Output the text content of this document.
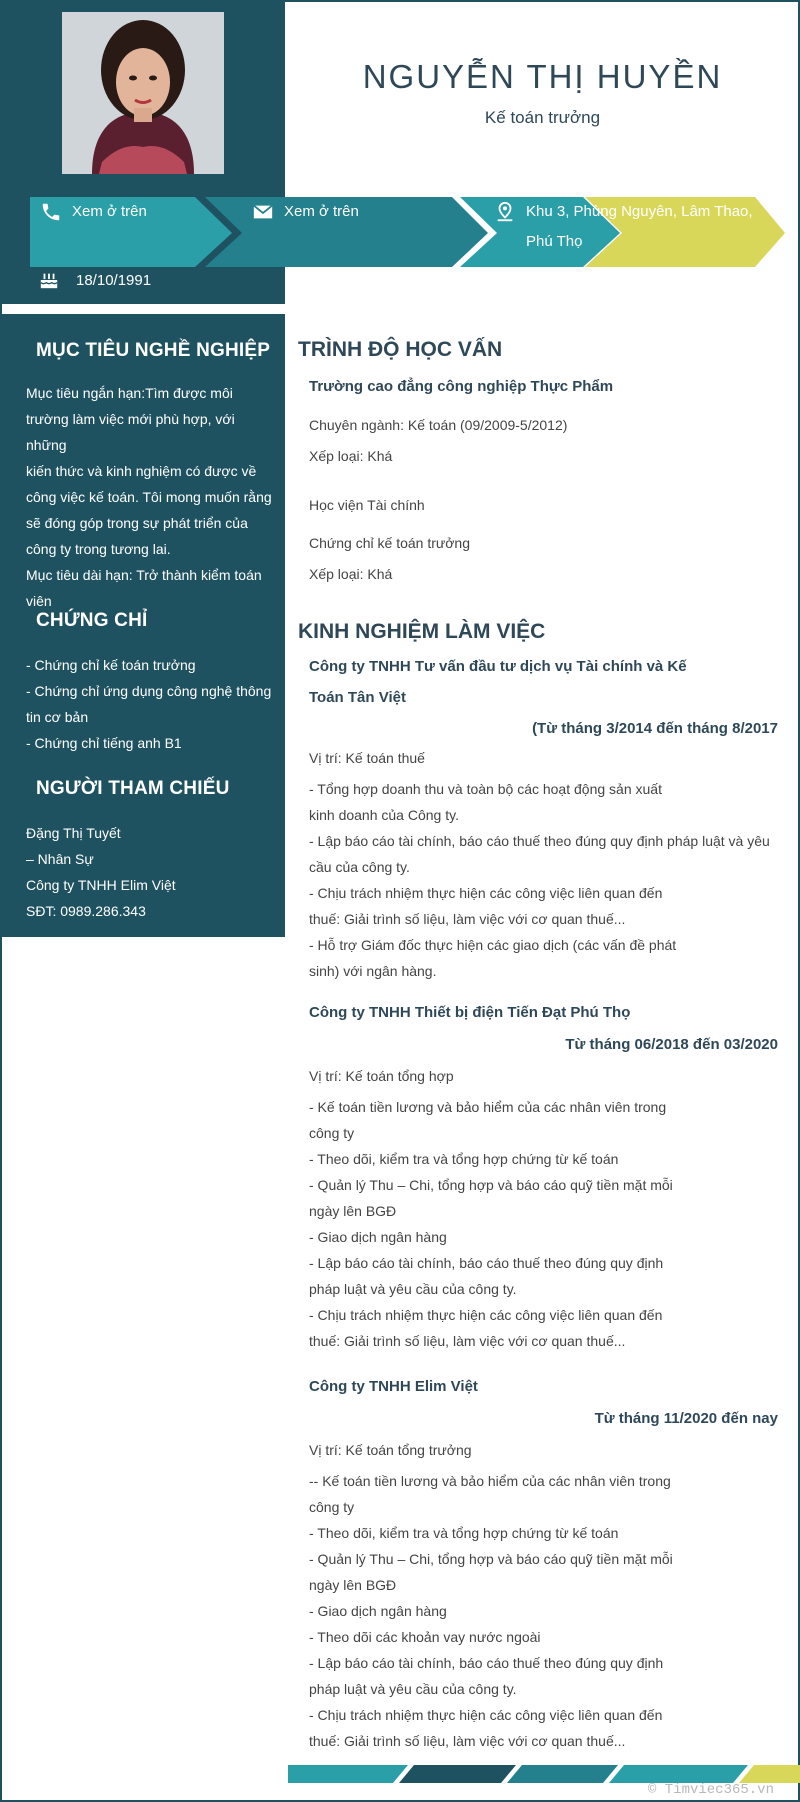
NGUYỄN THỊ HUYỀN
Kế toán trưởng
Xem ở trên	Xem ở trên	Khu 3, Phùng Nguyên, Lâm Thao,
Phú Thọ
18/10/1991
MỤC TIÊU NGHỀ NGHIỆP

Mục tiêu ngắn hạn:Tìm được môi

trường làm việc mới phù hợp, với những

kiến thức và kinh nghiệm có được về

công việc kế toán. Tôi mong muốn rằng

sẽ đóng góp trong sự phát triển của

công ty trong tương lai.

Mục tiêu dài hạn: Trở thành kiểm toán

viên

CHỨNG CHỈ
- Chứng chỉ kế toán trưởng
- Chứng chỉ ứng dụng công nghệ thông
tin cơ bản
- Chứng chỉ tiếng anh B1
NGƯỜI THAM CHIẾU

Đặng Thị Tuyết

– Nhân Sự

Công ty TNHH Elim Việt

SĐT: 0989.286.343

TRÌNH ĐỘ HỌC VẤN
Trường cao đẳng công nghiệp Thực Phẩm
Chuyên ngành: Kế toán (09/2009-5/2012)
Xếp loại: Khá
Học viện Tài chính
Chứng chỉ kế toán trưởng
Xếp loại: Khá
KINH NGHIỆM LÀM VIỆC
Công ty TNHH Tư vấn đầu tư dịch vụ Tài chính và Kế
Toán Tân Việt
(Từ tháng 3/2014 đến tháng 8/2017
Vị trí: Kế toán thuế
- Tổng hợp doanh thu và toàn bộ các hoạt động sản xuất
kinh doanh của Công ty.
- Lập báo cáo tài chính, báo cáo thuế theo đúng quy định pháp luật và yêu
cầu của công ty.
- Chịu trách nhiệm thực hiện các công việc liên quan đến
thuế: Giải trình số liệu, làm việc với cơ quan thuế...
- Hỗ trợ Giám đốc thực hiện các giao dịch (các vấn đề phát
sinh) với ngân hàng.
Công ty TNHH Thiết bị điện Tiến Đạt Phú Thọ
Từ tháng 06/2018 đến 03/2020
Vị trí: Kế toán tổng hợp
- Kế toán tiền lương và bảo hiểm của các nhân viên trong
công ty
- Theo dõi, kiểm tra và tổng hợp chứng từ kế toán
- Quản lý Thu – Chi, tổng hợp và báo cáo quỹ tiền mặt mỗi
ngày lên BGĐ
- Giao dịch ngân hàng
- Lập báo cáo tài chính, báo cáo thuế theo đúng quy định
pháp luật và yêu cầu của công ty.
- Chịu trách nhiệm thực hiện các công việc liên quan đến
thuế: Giải trình số liệu, làm việc với cơ quan thuế...
Công ty TNHH Elim Việt
Từ tháng 11/2020 đến nay
Vị trí: Kế toán tổng trưởng
-- Kế toán tiền lương và bảo hiểm của các nhân viên trong
công ty
- Theo dõi, kiểm tra và tổng hợp chứng từ kế toán
- Quản lý Thu – Chi, tổng hợp và báo cáo quỹ tiền mặt mỗi
ngày lên BGĐ
- Giao dịch ngân hàng
- Theo dõi các khoản vay nước ngoài
- Lập báo cáo tài chính, báo cáo thuế theo đúng quy định
pháp luật và yêu cầu của công ty.
- Chịu trách nhiệm thực hiện các công việc liên quan đến
thuế: Giải trình số liệu, làm việc với cơ quan thuế...
© Timviec365.vn
